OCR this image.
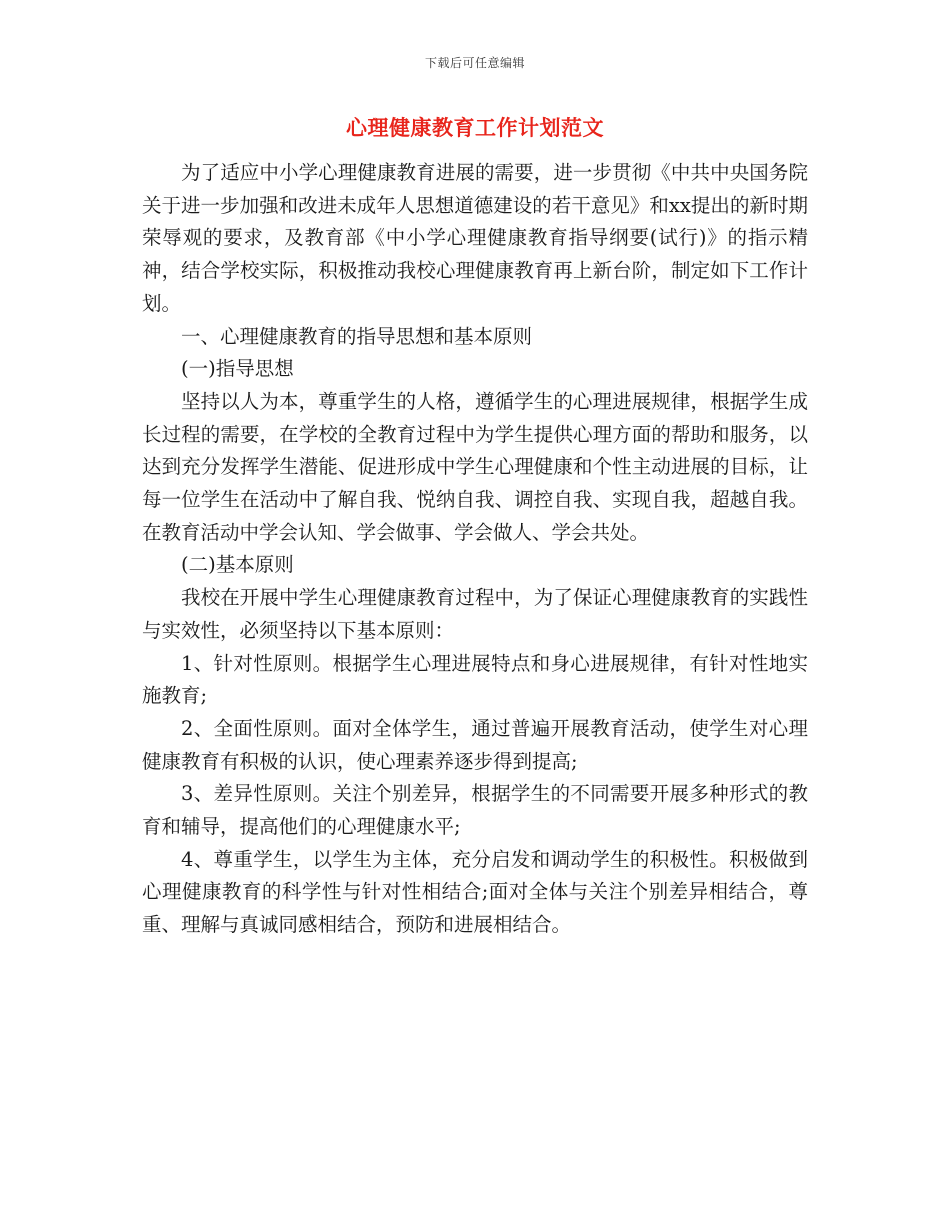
下载后可任意编辑
心理健康教育工作计划范文

为了适应中小学心理健康教育进展的需要，进一步贯彻《中共中央国务院关于进一步加强和改进未成年人思想道德建设的若干意见》和xx提出的新时期荣辱观的要求，及教育部《中小学心理健康教育指导纲要(试行)》的指示精神，结合学校实际，积极推动我校心理健康教育再上新台阶，制定如下工作计划。

一、心理健康教育的指导思想和基本原则

(一)指导思想

坚持以人为本，尊重学生的人格，遵循学生的心理进展规律，根据学生成长过程的需要，在学校的全教育过程中为学生提供心理方面的帮助和服务，以达到充分发挥学生潜能、促进形成中学生心理健康和个性主动进展的目标，让每一位学生在活动中了解自我、悦纳自我、调控自我、实现自我，超越自我。在教育活动中学会认知、学会做事、学会做人、学会共处。

(二)基本原则

我校在开展中学生心理健康教育过程中，为了保证心理健康教育的实践性与实效性，必须坚持以下基本原则：

1、针对性原则。根据学生心理进展特点和身心进展规律，有针对性地实施教育;

2、全面性原则。面对全体学生，通过普遍开展教育活动，使学生对心理健康教育有积极的认识，使心理素养逐步得到提高;

3、差异性原则。关注个别差异，根据学生的不同需要开展多种形式的教育和辅导，提高他们的心理健康水平;

4、尊重学生，以学生为主体，充分启发和调动学生的积极性。积极做到心理健康教育的科学性与针对性相结合;面对全体与关注个别差异相结合，尊重、理解与真诚同感相结合，预防和进展相结合。
